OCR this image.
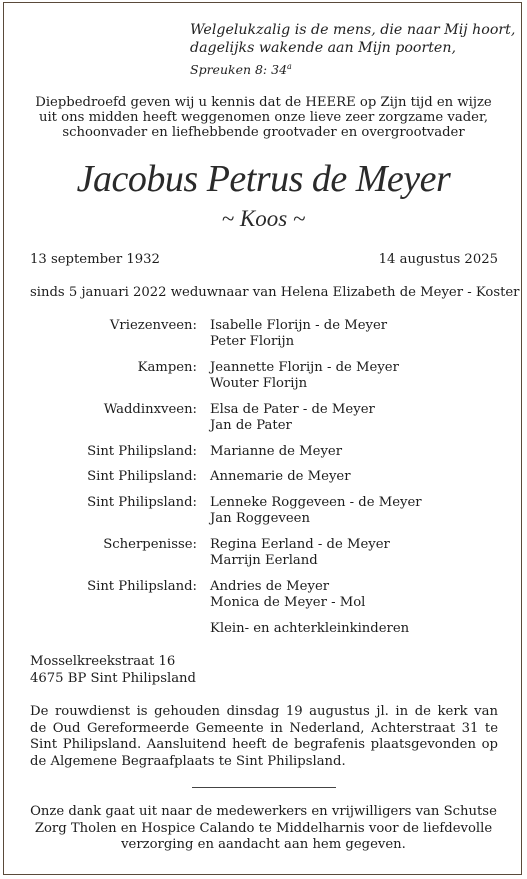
Welgelukzalig is de mens, die naar Mij hoort,
dagelijks wakende aan Mijn poorten,
Spreuken 8: 34$^a$
Diepbedroefd geven wij u kennis dat de HEERE op Zijn tijd en wijze
uit ons midden heeft weggenomen onze lieve zeer zorgzame vader,
schoonvader en liefhebbende grootvader en overgrootvader
Jacobus Petrus de Meyer
~ Koos ~
13 september 1932	14 augustus 2025
sinds 5 januari 2022 weduwnaar van Helena Elizabeth de Meyer - Koster
Vriezenveen: Isabelle Florijn - de Meyer
Peter Florijn
Kampen: Jeannette Florijn - de Meyer
Wouter Florijn
Waddinxveen: Elsa de Pater - de Meyer
Jan de Pater
Sint Philipsland: Marianne de Meyer
Sint Philipsland: Annemarie de Meyer
Sint Philipsland: Lenneke Roggeveen - de Meyer
Jan Roggeveen
Scherpenisse: Regina Eerland - de Meyer
Marrijn Eerland
Sint Philipsland: Andries de Meyer
Monica de Meyer - Mol
Klein- en achterkleinkinderen
Mosselkreekstraat 16
4675 BP Sint Philipsland
De rouwdienst is gehouden dinsdag 19 augustus jl. in de kerk van
de Oud Gereformeerde Gemeente in Nederland, Achterstraat 31 te
Sint Philipsland. Aansluitend heeft de begrafenis plaatsgevonden op
de Algemene Begraafplaats te Sint Philipsland.
Onze dank gaat uit naar de medewerkers en vrijwilligers van Schutse
Zorg Tholen en Hospice Calando te Middelharnis voor de liefdevolle
verzorging en aandacht aan hem gegeven.
